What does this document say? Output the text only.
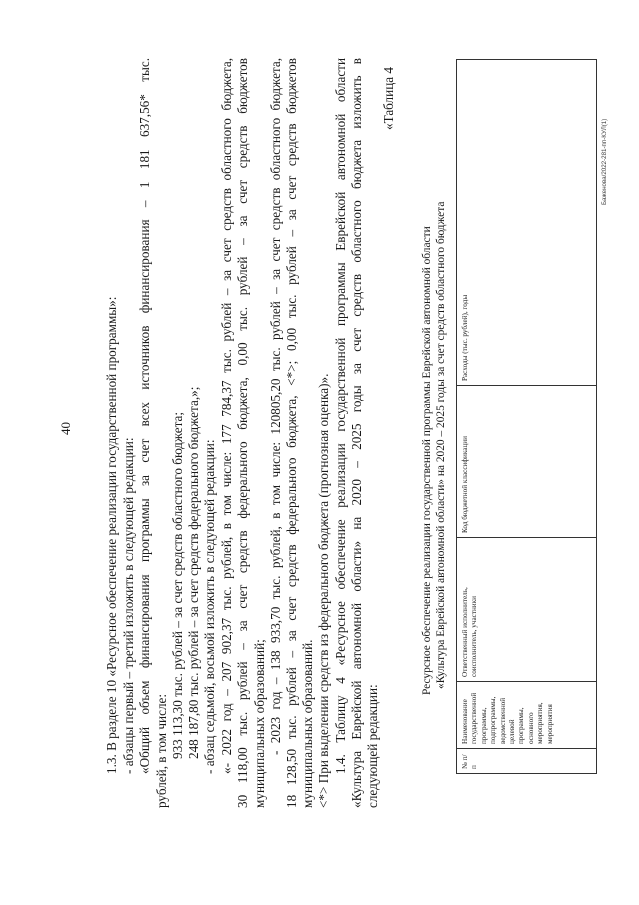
40 1.3. В разделе 10 «Ресурсное обеспечение реализации государственной программы»: - абзацы первый – третий изложить в следующей редакции: «Общий объем финансирования программы за счет всех источников финансирования – 1 181 637,56* тыс. рублей, в том числе: 933 113,30 тыс. рублей – за счет средств областного бюджета; 248 187,80 тыс. рублей – за счет средств федерального бюджета,»; - абзац седьмой, восьмой изложить в следующей редакции: «- 2022 год – 207 902,37 тыс. рублей, в том числе: 177 784,37 тыс. рублей – за счет средств областного бюджета, 30 118,00 тыс. рублей – за счет средств федерального бюджета, 0,00 тыс. рублей – за счет средств бюджетов муниципальных образований; - 2023 год – 138 933,70 тыс. рублей, в том числе: 120805,20 тыс. рублей – за счет средств областного бюджета, 18 128,50 тыс. рублей – за счет средств федерального бюджета, <*>; 0,00 тыс. рублей – за счет средств бюджетов муниципальных образований. <*> При выделении средств из федерального бюджета (прогнозная оценка)». 1.4. Таблицу 4 «Ресурсное обеспечение реализации государственной программы Еврейской автономной области «Культура Еврейской автономной области» на 2020 – 2025 годы за счет средств областного бюджета изложить в следующей редакции:
«Таблица 4
Ресурсное обеспечение реализации государственной программы Еврейской автономной области «Культура Еврейской автономной области» на 2020 – 2025 годы за счет средств областного бюджета
№ п/п
Наименование государственной программы, подпрограммы, ведомственной целевой программы, основного мероприятия, мероприятия
Ответственный исполнитель, соисполнитель, участники
Код бюджетной классификации
Расходы (тыс. рублей), годы
Баженова/2022-281-пп-КУЛ(1)
